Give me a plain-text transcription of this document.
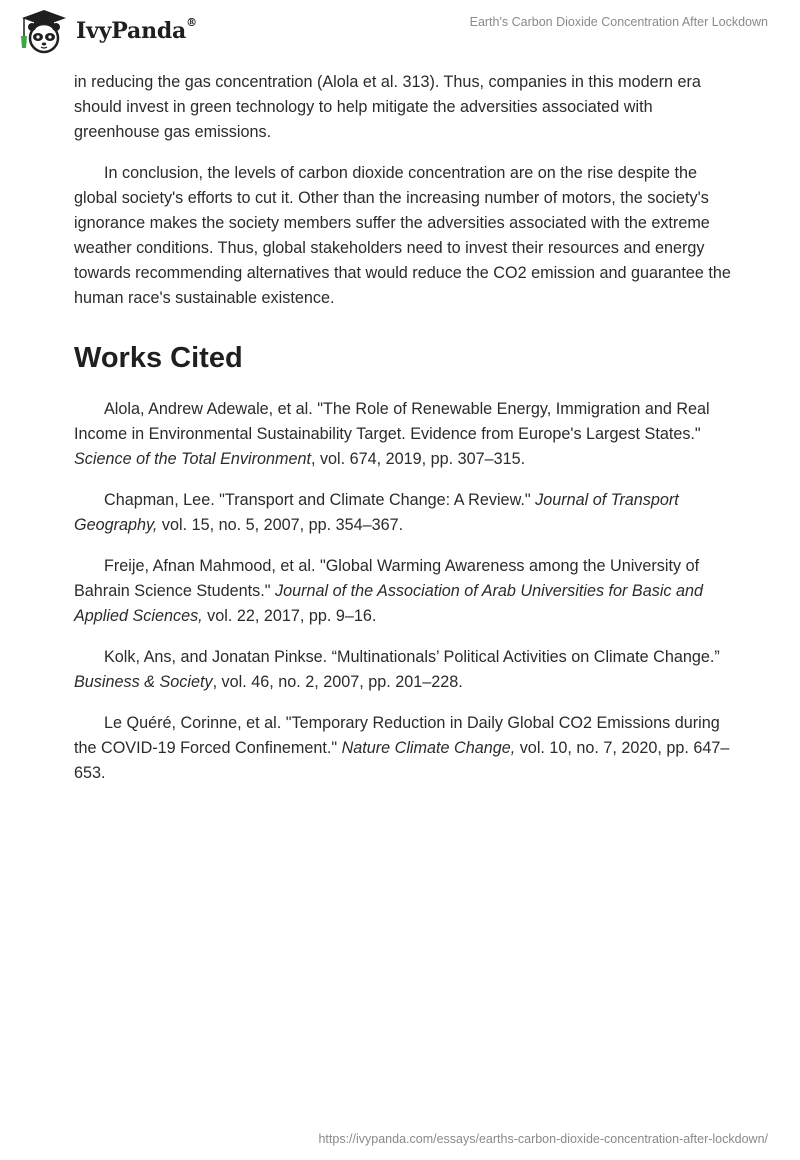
IvyPanda®	Earth's Carbon Dioxide Concentration After Lockdown

in reducing the gas concentration (Alola et al. 313). Thus, companies in this modern era should invest in green technology to help mitigate the adversities associated with greenhouse gas emissions.

In conclusion, the levels of carbon dioxide concentration are on the rise despite the global society's efforts to cut it. Other than the increasing number of motors, the society's ignorance makes the society members suffer the adversities associated with the extreme weather conditions. Thus, global stakeholders need to invest their resources and energy towards recommending alternatives that would reduce the CO2 emission and guarantee the human race's sustainable existence.

Works Cited

Alola, Andrew Adewale, et al. "The Role of Renewable Energy, Immigration and Real Income in Environmental Sustainability Target. Evidence from Europe's Largest States." Science of the Total Environment, vol. 674, 2019, pp. 307–315.

Chapman, Lee. "Transport and Climate Change: A Review." Journal of Transport Geography, vol. 15, no. 5, 2007, pp. 354–367.

Freije, Afnan Mahmood, et al. "Global Warming Awareness among the University of Bahrain Science Students." Journal of the Association of Arab Universities for Basic and Applied Sciences, vol. 22, 2017, pp. 9–16.

Kolk, Ans, and Jonatan Pinkse. “Multinationals’ Political Activities on Climate Change.” Business & Society, vol. 46, no. 2, 2007, pp. 201–228.

Le Quéré, Corinne, et al. "Temporary Reduction in Daily Global CO2 Emissions during the COVID-19 Forced Confinement." Nature Climate Change, vol. 10, no. 7, 2020, pp. 647–653.

https://ivypanda.com/essays/earths-carbon-dioxide-concentration-after-lockdown/
